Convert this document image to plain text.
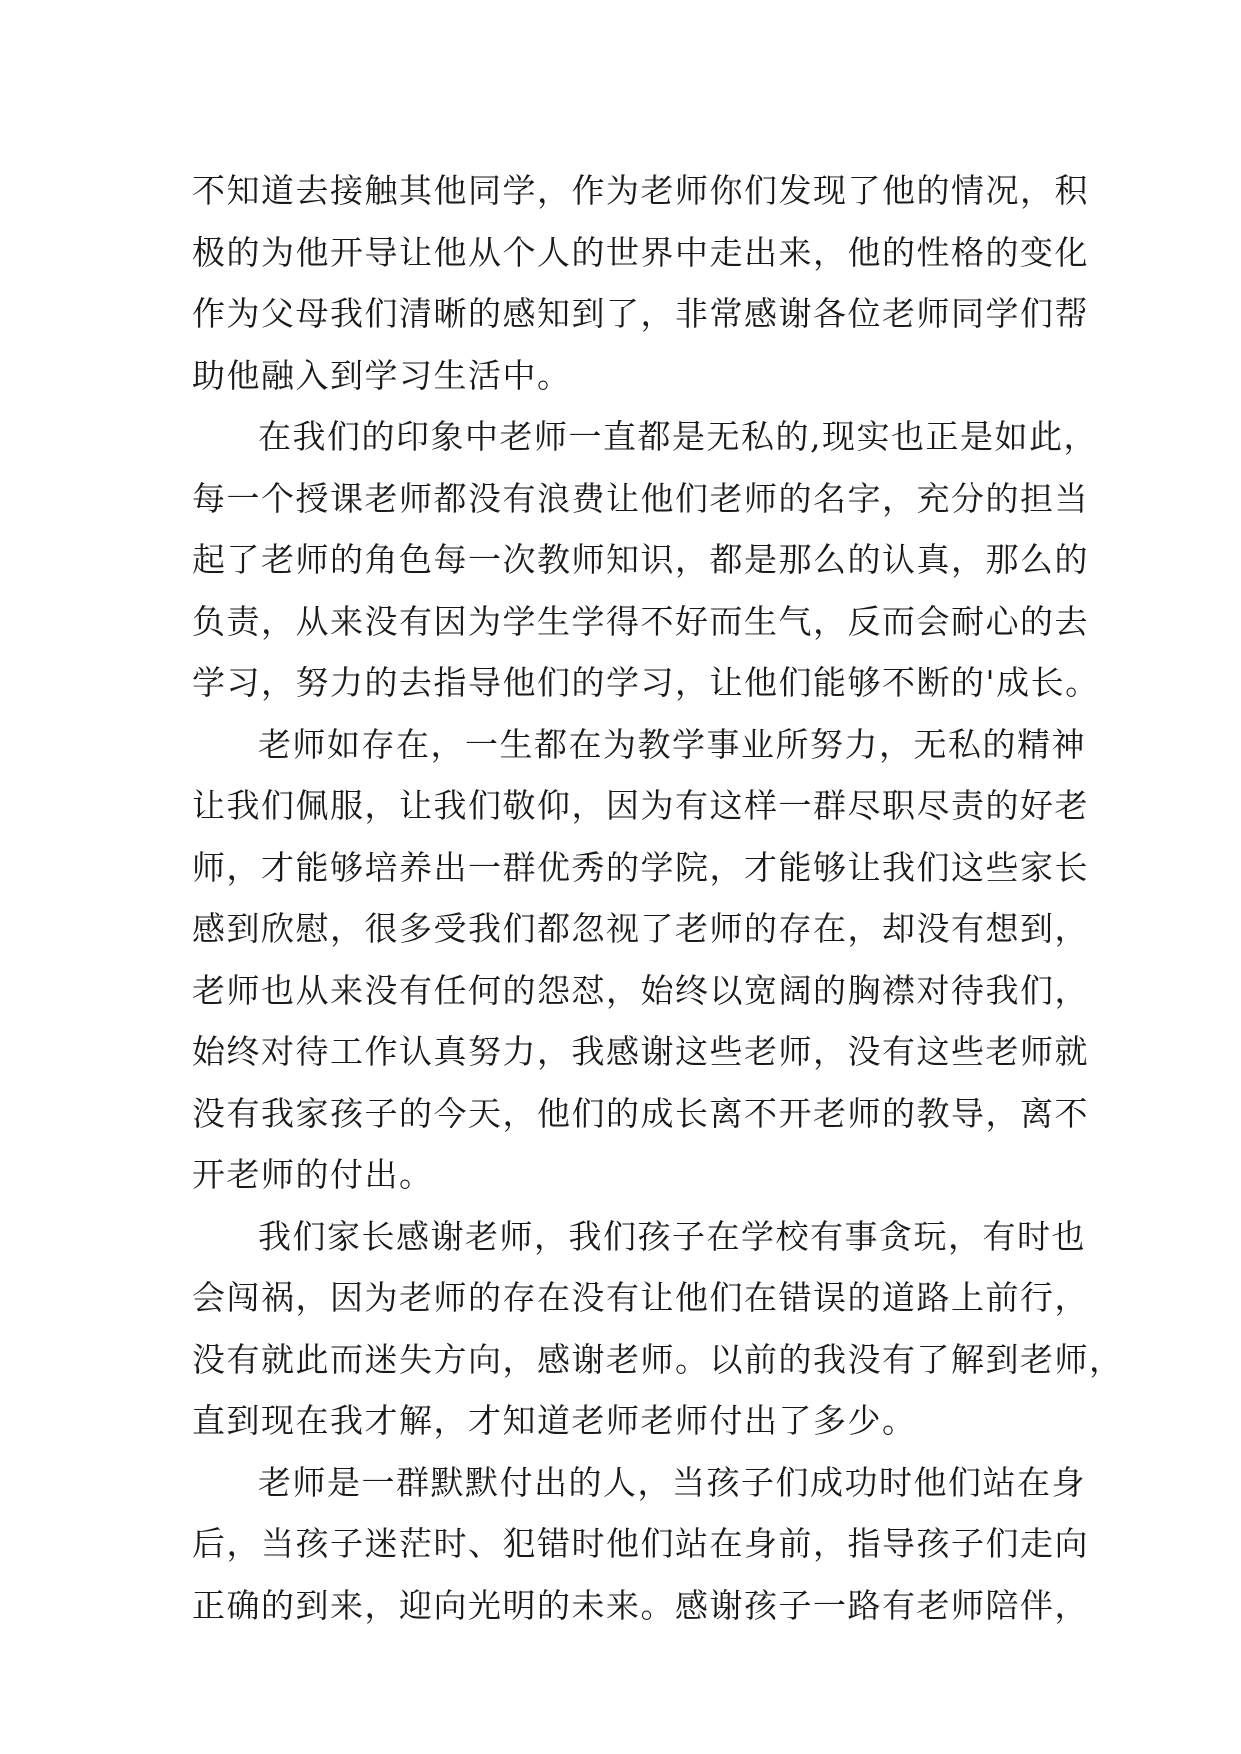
不知道去接触其他同学，作为老师你们发现了他的情况，积
极的为他开导让他从个人的世界中走出来，他的性格的变化
作为父母我们清晰的感知到了，非常感谢各位老师同学们帮
助他融入到学习生活中。
在我们的印象中老师一直都是无私的,现实也正是如此，
每一个授课老师都没有浪费让他们老师的名字，充分的担当
起了老师的角色每一次教师知识，都是那么的认真，那么的
负责，从来没有因为学生学得不好而生气，反而会耐心的去
学习，努力的去指导他们的学习，让他们能够不断的'成长。
老师如存在，一生都在为教学事业所努力，无私的精神
让我们佩服，让我们敬仰，因为有这样一群尽职尽责的好老
师，才能够培养出一群优秀的学院，才能够让我们这些家长
感到欣慰，很多受我们都忽视了老师的存在，却没有想到，
老师也从来没有任何的怨怼，始终以宽阔的胸襟对待我们，
始终对待工作认真努力，我感谢这些老师，没有这些老师就
没有我家孩子的今天，他们的成长离不开老师的教导，离不
开老师的付出。
我们家长感谢老师，我们孩子在学校有事贪玩，有时也
会闯祸，因为老师的存在没有让他们在错误的道路上前行，
没有就此而迷失方向，感谢老师。以前的我没有了解到老师，
直到现在我才解，才知道老师老师付出了多少。
老师是一群默默付出的人，当孩子们成功时他们站在身
后，当孩子迷茫时、犯错时他们站在身前，指导孩子们走向
正确的到来，迎向光明的未来。感谢孩子一路有老师陪伴，
